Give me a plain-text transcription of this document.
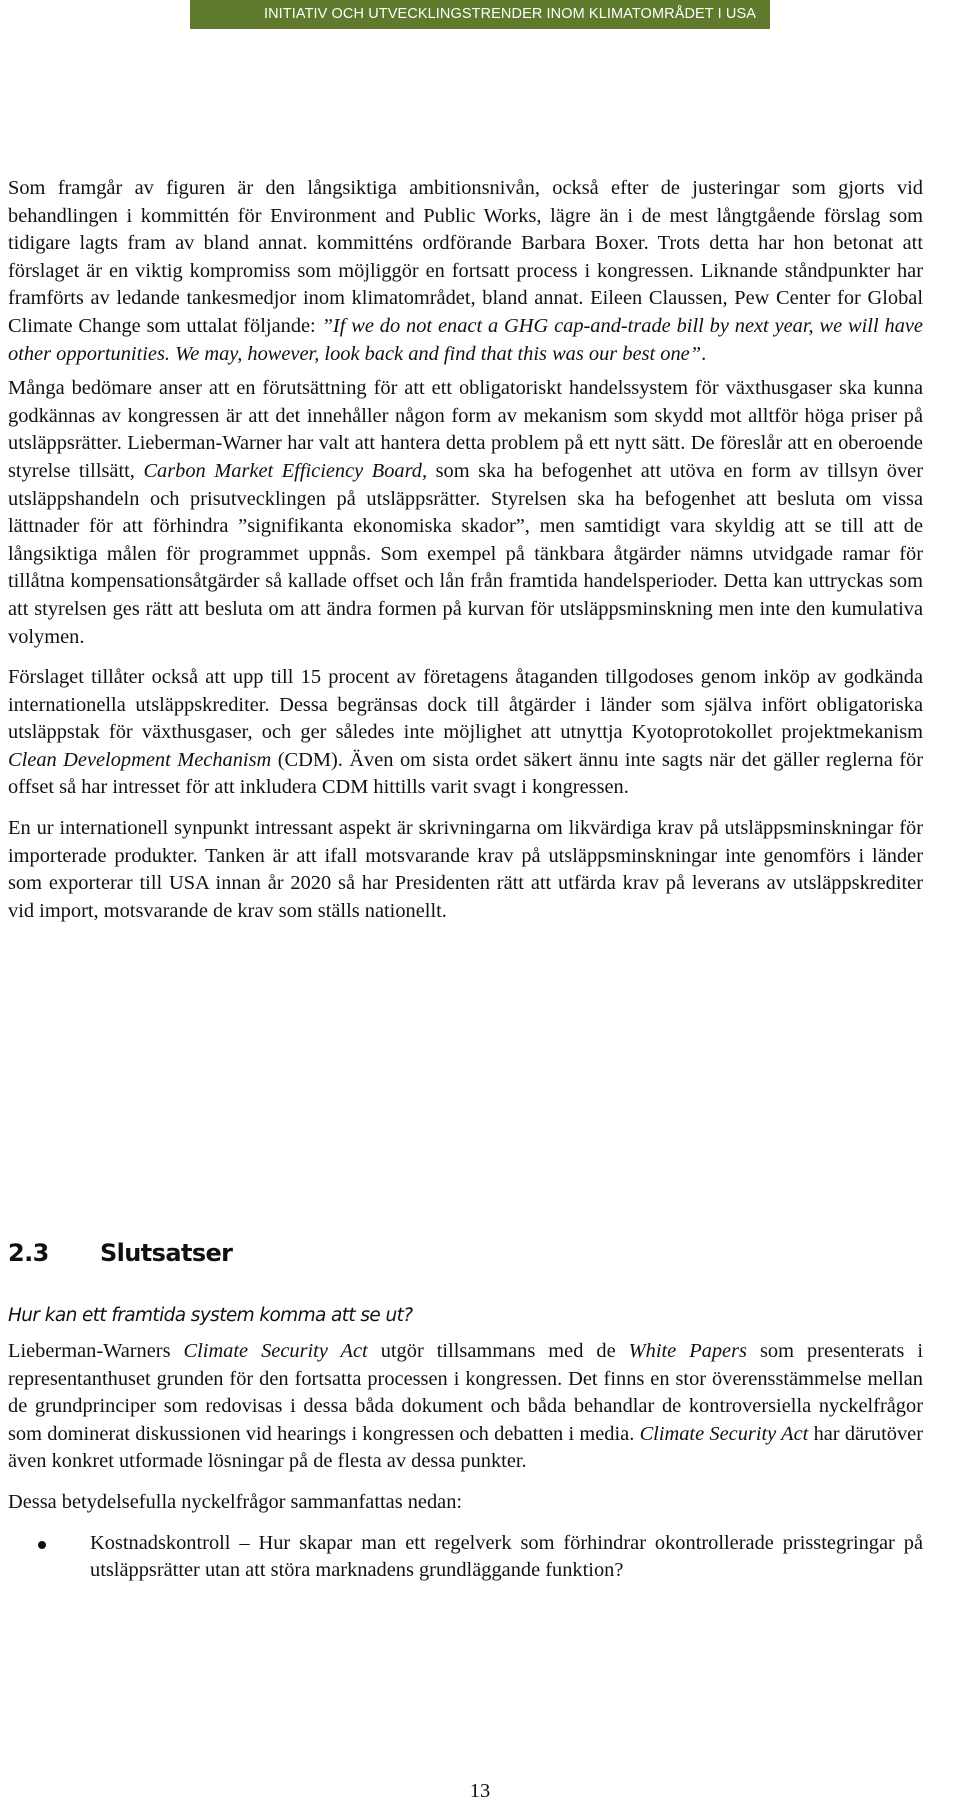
INITIATIV OCH UTVECKLINGSTRENDER INOM KLIMATOMRÅDET I USA

Som framgår av figuren är den långsiktiga ambitionsnivån, också efter de justeringar som gjorts vid behandlingen i kommittén för Environment and Public Works, lägre än i de mest långtgående förslag som tidigare lagts fram av bland annat. kommitténs ordförande Barbara Boxer. Trots detta har hon betonat att förslaget är en viktig kompromiss som möjliggör en fortsatt process i kongressen. Liknande ståndpunkter har framförts av ledande tankesmedjor inom klimatområdet, bland annat. Eileen Claussen, Pew Center for Global Climate Change som uttalat följande: ”If we do not enact a GHG cap-and-trade bill by next year, we will have other opportunities. We may, however, look back and find that this was our best one”.

Många bedömare anser att en förutsättning för att ett obligatoriskt handelssystem för växthusgaser ska kunna godkännas av kongressen är att det innehåller någon form av mekanism som skydd mot alltför höga priser på utsläppsrätter. Lieberman-Warner har valt att hantera detta problem på ett nytt sätt. De föreslår att en oberoende styrelse tillsätt, Carbon Market Efficiency Board, som ska ha befogenhet att utöva en form av tillsyn över utsläppshandeln och prisutvecklingen på utsläppsrätter. Styrelsen ska ha befogenhet att besluta om vissa lättnader för att förhindra ”signifikanta ekonomiska skador”, men samtidigt vara skyldig att se till att de långsiktiga målen för programmet uppnås. Som exempel på tänkbara åtgärder nämns utvidgade ramar för tillåtna kompensationsåtgärder så kallade offset och lån från framtida handelsperioder. Detta kan uttryckas som att styrelsen ges rätt att besluta om att ändra formen på kurvan för utsläppsminskning men inte den kumulativa volymen.

Förslaget tillåter också att upp till 15 procent av företagens åtaganden tillgodoses genom inköp av godkända internationella utsläppskrediter. Dessa begränsas dock till åtgärder i länder som själva infört obligatoriska utsläppstak för växthusgaser, och ger således inte möjlighet att utnyttja Kyotoprotokollet projektmekanism Clean Development Mechanism (CDM). Även om sista ordet säkert ännu inte sagts när det gäller reglerna för offset så har intresset för att inkludera CDM hittills varit svagt i kongressen.

En ur internationell synpunkt intressant aspekt är skrivningarna om likvärdiga krav på utsläppsminskningar för importerade produkter. Tanken är att ifall motsvarande krav på utsläppsminskningar inte genomförs i länder som exporterar till USA innan år 2020 så har Presidenten rätt att utfärda krav på leverans av utsläppskrediter vid import, motsvarande de krav som ställs nationellt.

2.3 Slutsatser
Hur kan ett framtida system komma att se ut?

Lieberman-Warners Climate Security Act utgör tillsammans med de White Papers som presenterats i representanthuset grunden för den fortsatta processen i kongressen. Det finns en stor överensstämmelse mellan de grundprinciper som redovisas i dessa båda dokument och båda behandlar de kontroversiella nyckelfrågor som dominerat diskussionen vid hearings i kongressen och debatten i media. Climate Security Act har därutöver även konkret utformade lösningar på de flesta av dessa punkter.

Dessa betydelsefulla nyckelfrågor sammanfattas nedan:

Kostnadskontroll – Hur skapar man ett regelverk som förhindrar okontrollerade prisstegringar på utsläppsrätter utan att störa marknadens grundläggande funktion?
13
